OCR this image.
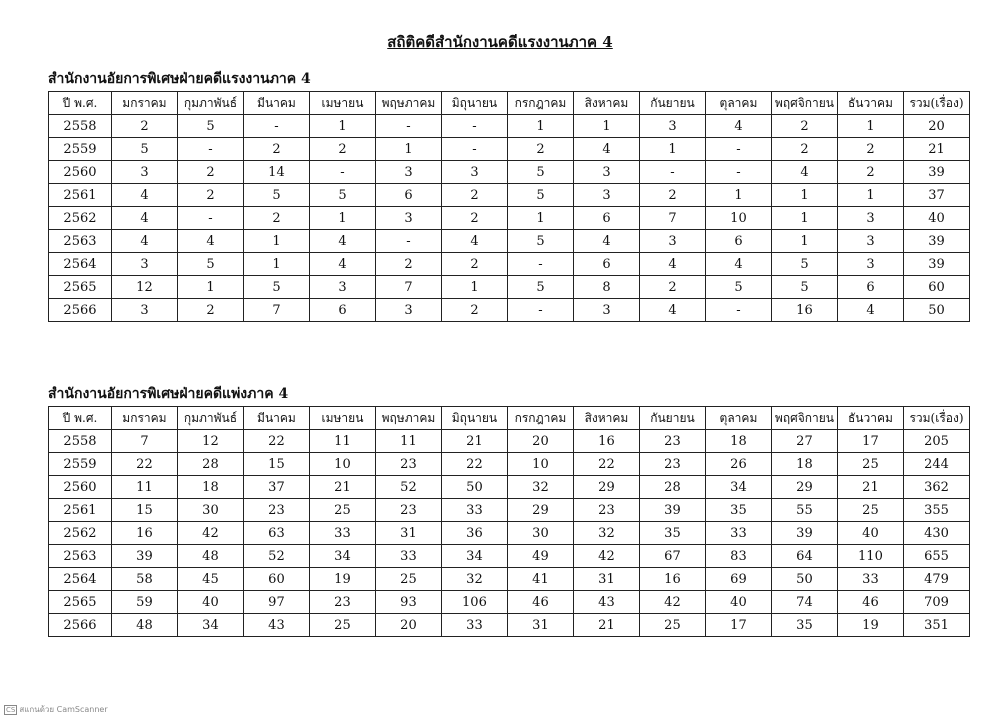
สถิติคดีสำนักงานคดีแรงงานภาค 4
สำนักงานอัยการพิเศษฝ่ายคดีแรงงานภาค 4
ปี พ.ศ.	มกราคม	กุมภาพันธ์	มีนาคม	เมษายน	พฤษภาคม	มิถุนายน	กรกฎาคม	สิงหาคม	กันยายน	ตุลาคม	พฤศจิกายน	ธันวาคม	รวม(เรื่อง)
2558	2	5	-	1	-	-	1	1	3	4	2	1	20
2559	5	-	2	2	1	-	2	4	1	-	2	2	21
2560	3	2	14	-	3	3	5	3	-	-	4	2	39
2561	4	2	5	5	6	2	5	3	2	1	1	1	37
2562	4	-	2	1	3	2	1	6	7	10	1	3	40
2563	4	4	1	4	-	4	5	4	3	6	1	3	39
2564	3	5	1	4	2	2	-	6	4	4	5	3	39
2565	12	1	5	3	7	1	5	8	2	5	5	6	60
2566	3	2	7	6	3	2	-	3	4	-	16	4	50
สำนักงานอัยการพิเศษฝ่ายคดีแพ่งภาค 4
ปี พ.ศ.	มกราคม	กุมภาพันธ์	มีนาคม	เมษายน	พฤษภาคม	มิถุนายน	กรกฎาคม	สิงหาคม	กันยายน	ตุลาคม	พฤศจิกายน	ธันวาคม	รวม(เรื่อง)
2558	7	12	22	11	11	21	20	16	23	18	27	17	205
2559	22	28	15	10	23	22	10	22	23	26	18	25	244
2560	11	18	37	21	52	50	32	29	28	34	29	21	362
2561	15	30	23	25	23	33	29	23	39	35	55	25	355
2562	16	42	63	33	31	36	30	32	35	33	39	40	430
2563	39	48	52	34	33	34	49	42	67	83	64	110	655
2564	58	45	60	19	25	32	41	31	16	69	50	33	479
2565	59	40	97	23	93	106	46	43	42	40	74	46	709
2566	48	34	43	25	20	33	31	21	25	17	35	19	351
CS สแกนด้วย CamScanner
